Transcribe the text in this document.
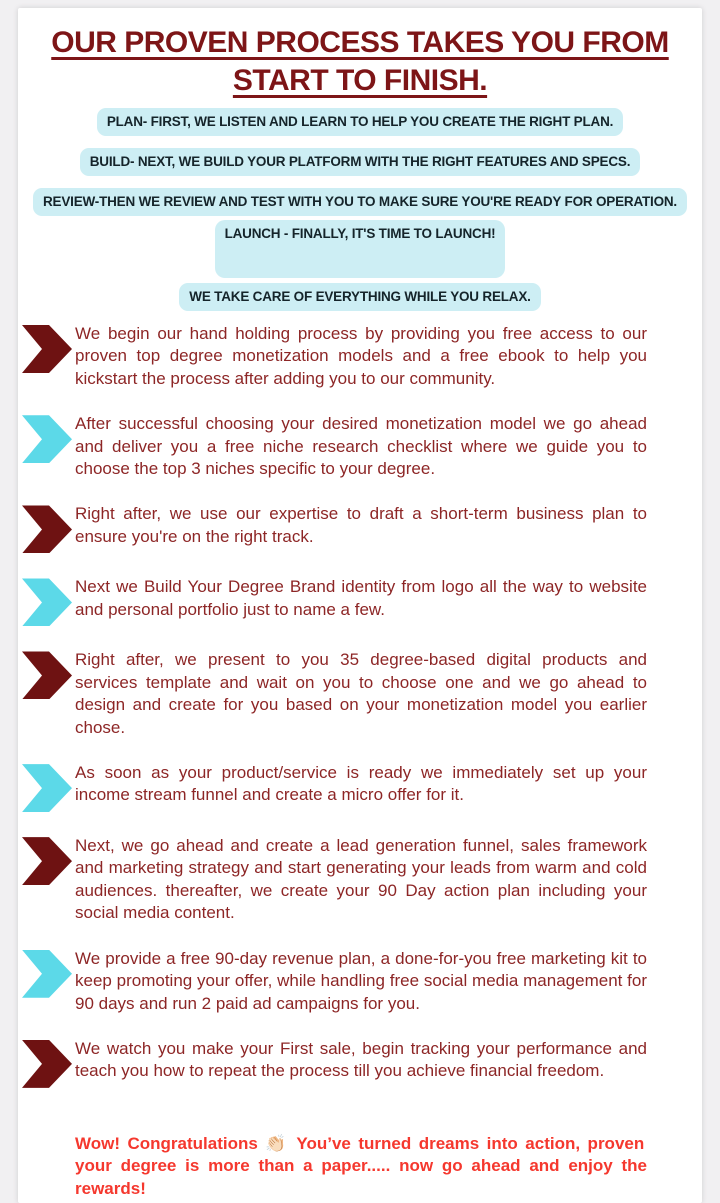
OUR PROVEN PROCESS TAKES YOU FROM START TO FINISH.
PLAN- FIRST, WE LISTEN AND LEARN TO HELP YOU CREATE THE RIGHT PLAN.
BUILD- NEXT, WE BUILD YOUR PLATFORM WITH THE RIGHT FEATURES AND SPECS.
REVIEW-THEN WE REVIEW AND TEST WITH YOU TO MAKE SURE YOU'RE READY FOR OPERATION.
LAUNCH - FINALLY, IT'S TIME TO LAUNCH!
WE TAKE CARE OF EVERYTHING WHILE YOU RELAX.
We begin our hand holding process by providing you free access to our proven top degree monetization models and a free ebook to help you kickstart the process after adding you to our community.
After successful choosing your desired monetization model we go ahead and deliver you a free niche research checklist where we guide you to choose the top 3 niches specific to your degree.
Right after, we use our expertise to draft a short-term business plan to ensure you're on the right track.
Next we Build Your Degree Brand identity from logo all the way to website and personal portfolio just to name a few.
Right after, we present to you 35 degree-based digital products and services template and wait on you to choose one and we go ahead to design and create for you based on your monetization model you earlier chose.
As soon as your product/service is ready we immediately set up your income stream funnel and create a micro offer for it.
Next, we go ahead and create a lead generation funnel, sales framework and marketing strategy and start generating your leads from warm and cold audiences. thereafter, we create your 90 Day action plan including your social media content.
We provide a free 90-day revenue plan, a done-for-you free marketing kit to keep promoting your offer, while handling free social media management for 90 days and run 2 paid ad campaigns for you.
We watch you make your First sale, begin tracking your performance and teach you how to repeat the process till you achieve financial freedom.
Wow! Congratulations 👏🏻 You’ve turned dreams into action, proven your degree is more than a paper..... now go ahead and enjoy the rewards!
